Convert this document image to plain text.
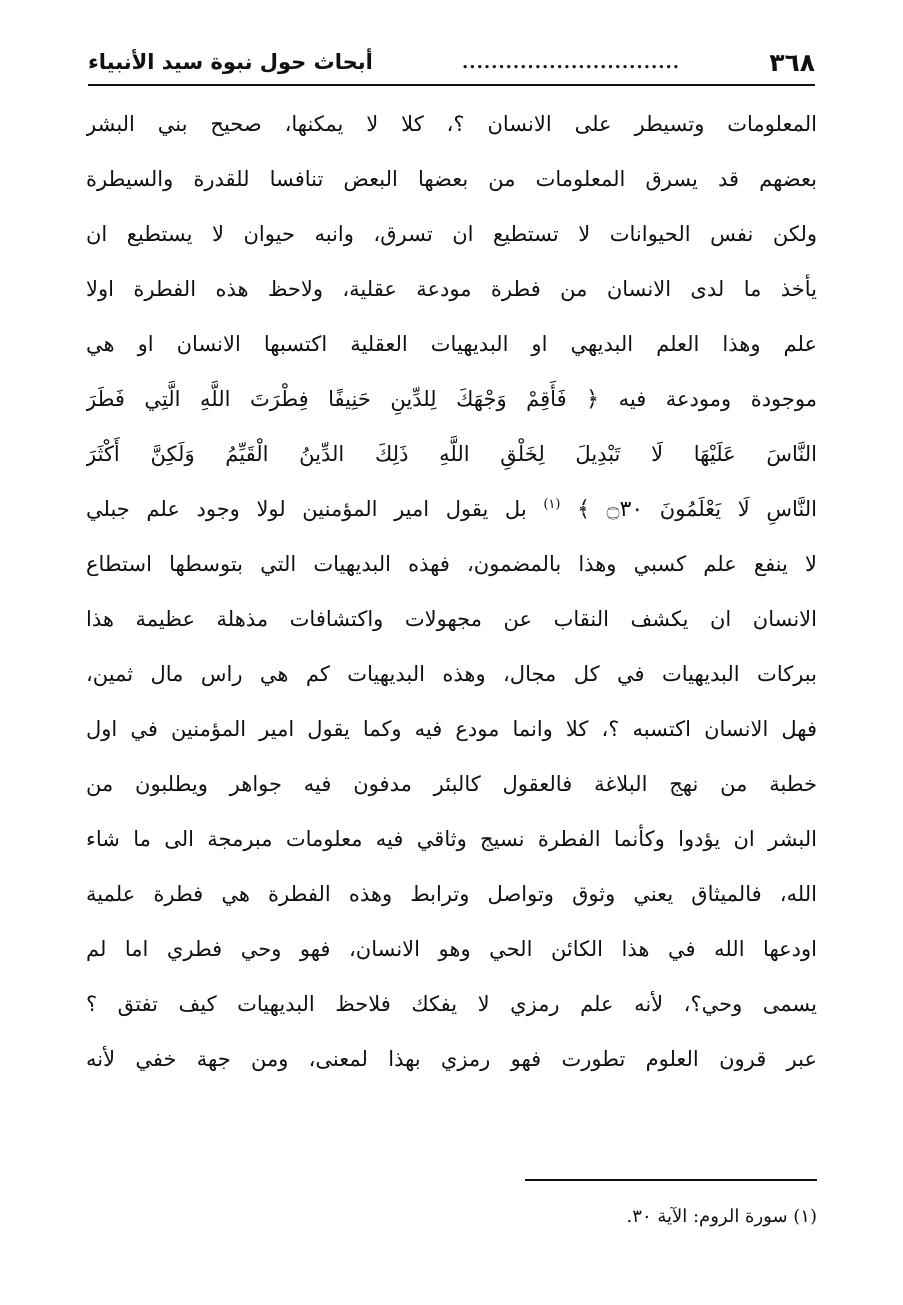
٣٦٨
..............................
أبحاث حول نبوة سيد الأنبياء
المعلومات وتسيطر على الانسان ؟، كلا لا يمكنها، صحيح بني البشر
بعضهم قد يسرق المعلومات من بعضها البعض تنافسا للقدرة والسيطرة
ولكن نفس الحيوانات لا تستطيع ان تسرق، وانبه حيوان لا يستطيع ان
يأخذ ما لدى الانسان من فطرة مودعة عقلية، ولاحظ هذه الفطرة اولا
علم وهذا العلم البديهي او البديهيات العقلية اكتسبها الانسان او هي
موجودة ومودعة فيه ﴿ فَأَقِمْ وَجْهَكَ لِلدِّينِ حَنِيفًا فِطْرَتَ اللَّهِ الَّتِي فَطَرَ
النَّاسَ عَلَيْهَا لَا تَبْدِيلَ لِخَلْقِ اللَّهِ ذَلِكَ الدِّينُ الْقَيِّمُ وَلَكِنَّ أَكْثَرَ
النَّاسِ لَا يَعْلَمُونَ ۝٣٠ ﴾ $^{(١)}$ بل يقول امير المؤمنين لولا وجود علم جبلي
لا ينفع علم كسبي وهذا بالمضمون، فهذه البديهيات التي بتوسطها استطاع
الانسان ان يكشف النقاب عن مجهولات واكتشافات مذهلة عظيمة هذا
ببركات البديهيات في كل مجال، وهذه البديهيات كم هي راس مال ثمين،
فهل الانسان اكتسبه ؟، كلا وانما مودع فيه وكما يقول امير المؤمنين في اول
خطبة من نهج البلاغة فالعقول كالبئر مدفون فيه جواهر ويطلبون من
البشر ان يؤدوا وكأنما الفطرة نسيج وثاقي فيه معلومات مبرمجة الى ما شاء
الله، فالميثاق يعني وثوق وتواصل وترابط وهذه الفطرة هي فطرة علمية
اودعها الله في هذا الكائن الحي وهو الانسان، فهو وحي فطري اما لم
يسمى وحي؟، لأنه علم رمزي لا يفكك فلاحظ البديهيات كيف تفتق ؟
عبر قرون العلوم تطورت فهو رمزي بهذا لمعنى، ومن جهة خفي لأنه
(١) سورة الروم: الآية ٣٠.
